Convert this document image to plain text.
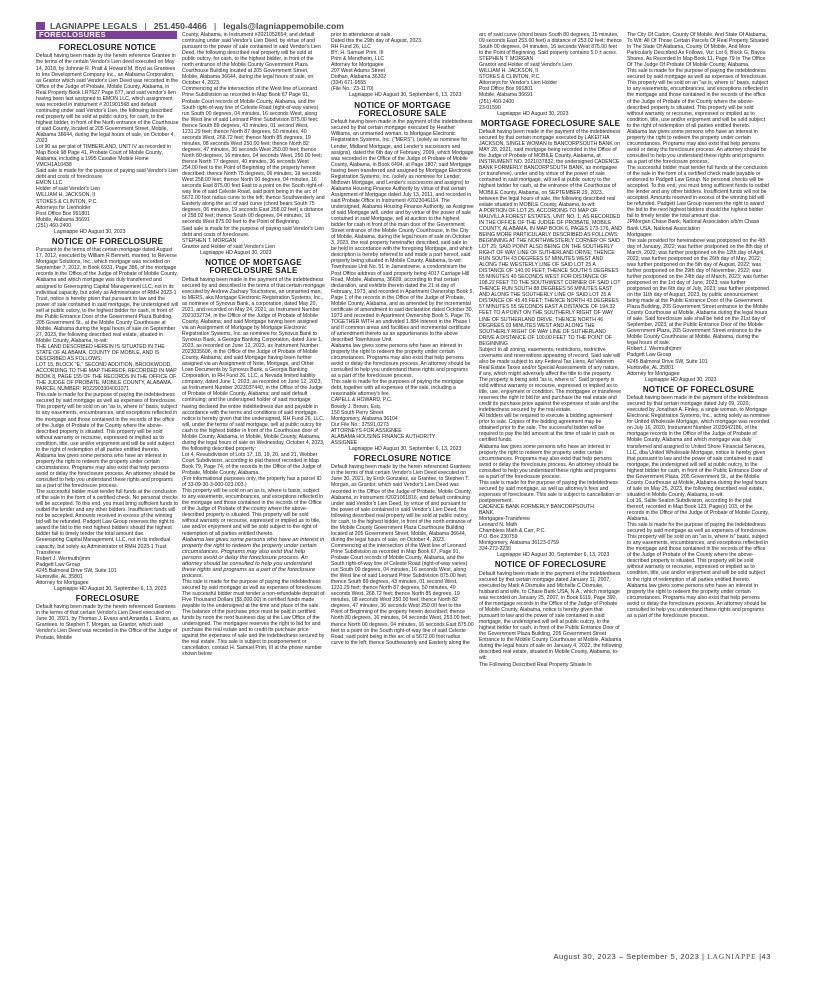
LAGNIAPPE LEGALS | 251.450-4466 | legals@lagniappemobile.com
FORECLOSURES
FORECLOSURE NOTICE
Default having been made by the herein reference Grantee in the terms of the certain Vendor's Lien deed executed on May 14, 2018, by Johnnie R. Pratt & Howard M. Bryd as Grantees to Ims Development Company Inc., an Alabama Corporation, as Grantor which said Vendor's Lien Deed was recorded in the Office of the Judge of Probate, Mobile County, Alabama, in Real Property Book LR7627 Page 677, and said vendor's lien having been last assigned to EMON LLC, which assignment was recorded in instrument # 201901568 and default continuing under said Vendor's Lien, the following described real property will be sold at public outcry, for cash, to the highest bidder, in front of the North entrance of the Courthouse of said County, located at 205 Government Street, Mobile, Alabama 36644, during the legal hours of sale, on October 4, 2023
Lot 90 as per plat of TIMBERLAND, UNIT IV as recorded in Map Book 98 Page 41, Probate Court of Mobile County, Alabama, including a 1995 Cavalier Mobile Home VMCH1A10438
Said sale is made for the purpose of paying said Vendor's Lien debt and costs of foreclosure.
EMON LLC
Holder of said Vendor's Lien
WILLIAM H. JACKSON, II
STOKES & CLINTON, P.C.
Attorneys for Lienholder
Post Office Box 991801
Mobile, Alabama 36691
(251) 460-2400
Lagniappe HD August 30, 2023
NOTICE OF FORECLOSURE
Pursuant to the terms of that certain mortgage dated August 17, 2012, executed by William R Bennett, married, to Reverse Mortgage Solutions, Inc., which mortgage was recorded on September 7, 2012, in Book 6931, Page 386, of the mortgage records in the Office of the Judge of Probate of Mobile County, Alabama and which mortgage was duly transferred and assigned to Greenspring Capital Management LLC, not in its individual capacity, but solely as Administrator of RMH 2023-1 Trust, notice is hereby given that pursuant to law and the power of sale contained in said mortgage, the undersigned will sell at public outcry, to the highest bidder for cash, in front of the Public Entrance Door of the Government Plaza Building, 205 Government St., at the Mobile County Courthouse at Mobile, Alabama during the legal hours of sale on September 27, 2023, the following described real estate, situated in Mobile County, Alabama, to-wit:
THE LAND DESCRIBED HEREIN IS SITUATED IN THE STATE OF ALABAMA, COUNTY OF MOBILE, AND IS DESCRIBED AS FOLLOWS:
LOT 15, BLOCK "E," SECOND ADDITION, BROOKWOOD, ACCORDING TO THE MAP THEREOF, RECORDED IN MAP BOOK 8, PAGE 155 OF THE RECORDS IN THE OFFICE OF THE JUDGE OF PROBATE, MOBILE COUNTY, ALABAMA. PARCEL NUMBER: R022903304001071
This sale is made for the purpose of paying the indebtedness secured by said mortgage as well as expenses of foreclosure. This property will be sold on an "as is, where is" basis, subject to any easements, encumbrances, and exceptions reflected in the mortgage and those contained in the records of the office of the Judge of Probate of the County where the above-described property is situated. This property will be sold without warranty or recourse, expressed or implied as to condition, title, use and/or enjoyment and will be sold subject to the right of redemption of all parties entitled thereto.
Alabama law gives some persons who have an interest in property the right to redeem the property under certain circumstances. Programs may also exist that help persons avoid or delay the foreclosure process. An attorney should be consulted to help you understand these rights and programs as a part of the foreclosure process.
The successful bidder must tender full funds at the conclusion of the sale in the form of a certified check. No personal checks will be accepted. To this end, you must bring sufficient funds to outbid the lender and any other bidders. Insufficient funds will not be accepted. Amounts received in excess of the winning bid will be refunded. Padgett Law Group reserves the right to award the bid to the next highest bidders should the highest bidder fail to timely tender the total amount due.
Greenspring Capital Management, LLC, not in its individual capacity, but solely as Administrator of RMH 2023-1 Trust
Transferee
Robert J. Wermuth/jmm
Padgett Law Group
4245 Balmoral Drive SW, Suite 101
Huntsville, AL 35801
Attorney for Mortgagee
Lagniappe HD August 30, September 6, 13, 2023
FORECLOSURE
Default having been made by the herein referenced Grantees in the terms of that certain Vendor's Lien Deed executed on June 30, 2021, by Thomas J. Evans and Amanda L. Evans, as Grantees, to Stephen T. Morgan, as Grantor, which said Vendor's Lien Deed was recorded in the Office of the Judge of Probate, Mobile
County, Alabama, in Instrument #2021052654; and default continuing under said Vendor's Lien Deed, by virtue of and pursuant to the power of sale contained in said Vendor's Lien Deed, the following described real property will be sold at public outcry, for cash, to the highest bidder, in front of the north entrance of the Mobile County Government Plaza Courthouse Building located at 205 Government Street, Mobile, Alabama 36644, during the legal hours of sale, on October 4, 2023.
Commencing at the intersection of the West line of Leonard Prine Subdivision as recorded in Map Book 67 Page 91, Probate Court records of Mobile County, Alabama, and the South right-of-way line of Celeste Road (right-of-way varies) run South 00 degrees, 04 minutes, 16 seconds West, along the West line of said Leonard Prine Subdivision 875.00 feet; thence South 89 degrees, 43 minutes, 01 second West, 1231.29 feet; thence North 87 degrees, 50 minutes, 40 seconds West, 268.72 feet; thence North 85 degrees, 19 minutes, 08 seconds West 250.00 feet; thence North 82 degrees, 47 minutes, 36 seconds West 250.00 feet; thence North 80 degrees, 16 minutes, 04 seconds West, 250.00 feet; thence North 77 degrees, 40 minutes, 36 seconds West 254.00 feet to the Point of Beginning of the property herein described; thence North 75 degrees, 06 minutes, 19 seconds West 258.00 feet; thence North 00 degrees, 04 minutes, 16 seconds East 875.00 feet East to a point on the South right-of-way line of said Celeste Road, said point being in the arc of 5672.00 foot radius curve to the left; thence Southwesterly and Easterly along the arc of said curve (chord bears South 75 degrees, 06 minutes, 19 seconds East 258.02 feet) a distance of 258.02 feet; thence South 00 degrees, 04 minutes, 16 seconds West 875.00 feet to the Point of Beginning.
Said sale is made for the purpose of paying said Vendor's Lien debt and costs of foreclosure.
STEPHEN T. MORGAN
Grantor and Holder of said Vendor's Lien
Lagniappe HD August 30, 2023
NOTICE OF MORTGAGE FORECLOSURE SALE
Default having been made in the payment of the indebtedness secured by and described in the terms of that certain mortgage executed by Andrew Zachary Touchstone, an unmarried man, to MERS, aka Mortgage Electronic Registration Systems, Inc., as nominee of Synovus Bank, a corporation, dated May 20, 2021, and recorded on May 24, 2021, as Instrument Number 2021032734, in the Office of the Judge of Probate of Mobile County, Alabama; and said Mortgage having been assigned via an Assignment of Mortgage by Mortgage Electronic Registration Systems, Inc. as nominee for Synovus Bank to Synovus Bank, a Georgia Banking Corporation, dated June 1, 2023, as recorded on June 12, 2023, as Instrument Number 2023035606, in the Office of the Judge of Probate of Mobile County, Alabama; and said Mortgage having been further assigned via an Assignment of Note, Mortgage, and Other Loan Documents by Synovus Bank, a Georgia Banking Corporation, to RH Fund 26, LLC, a Nevada limited liability company, dated June 1, 2023, as recorded on June 12, 2023, as Instrument Number 2023037440, in the Office of the Judge of Probate of Mobile County, Alabama; and said default continuing; and the undersigned holder of said mortgage having declared the entire indebtedness due and payable in accordance with the terms and conditions of said mortgage, notice is hereby given that the undersigned, RH Fund 26, LLC, will, under the terms of said mortgage, sell at public outcry for cash to the highest bidder in front of the Courthouse door of Mobile County, Alabama, in Mobile, Mobile County, Alabama, during the legal hours of sale on Wednesday, October 4, 2023, the following described property:
Lot 4, Resubdivision of Lots 17, 18, 19, 20, and 21, Webber Court Subdivision, according to plat thereof recorded in Map Book 79, Page 74, of the records in the Office of the Judge of Probate, Mobile County, Alabama.
(For informational purposes only, the property has a parcel ID of 33-09-30-3-000-023.003.)
This property will be sold on an as is, where is basis, subject to any easements, encumbrances, and exceptions reflected in the mortgage and those contained in the records of the Office of the Judge of Probate of the county where the above-described property is situated. This property will be sold without warranty or recourse, expressed or implied as to title, use and/or enjoyment and will be sold subject to the right of redemption of all parties entitled thereto.
Alabama law gives some persons who have an interest in property the right to redeem the property under certain circumstances. Programs may also exist that help persons avoid or delay the foreclosure process. An attorney should be consulted to help you understand these rights and programs as a part of the foreclosure process.
This sale is made for the purpose of paying the indebtedness secured by said mortgage as well as expenses of foreclosure. The successful bidder must tender a non-refundable deposit of Five Thousand Dollars ($5,000.00) in certified funds made payable to the undersigned at the time and place of the sale. The balance of the purchase price must be paid in certified funds by noon the next business day at the Law Office of the undersigned. The mortgagee reserves the right to bid for and purchase the real estate and to credit its purchase price against the expenses of sale and the indebtedness secured by the real estate. This sale is subject to postponement or cancellation; contact H. Samuel Prim, III at the phone number shown below
prior to attendance at sale.
Dated this the 29th day of August, 2023.
RH Fund 26, LLC
BY: H. Samuel Prim, III
Prim & Mendheim, LLC
Attorney for Mortgagee
207 West Adams Street
Dothan, Alabama 36302
(334) 671-9555
(File No.: 23-1170)
Lagniappe HD August 30, September 6, 13, 2023
NOTICE OF MORTGAGE FORECLOSURE SALE
Default having been made in the payment of the indebtedness secured by that certain mortgage executed by Heather Williams, an unmarried woman, to Mortgage Electronic Registration Systems, Inc. ("MERS"), (solely as nominee for Lender, Midland Mortgage, and Lender's successors and assigns), dated the 6th day of February, 2009, which Mortgage was recorded in the Office of the Judge of Probate of Mobile County, Alabama, in Book 6494, at Page 1807; said Mortgage having been transferred and assigned by Mortgage Electronic Registration Systems, Inc. (solely as nominee for Lender, Midtown Mortgage, and Lender's successors and assigns) to Alabama Housing Finance Authority by virtue of that certain Assignment of Mortgage dated July 13, 2011, and recorded in said Probate Office in Instrument #2023046114. The undersigned, Alabama Housing Finance Authority, as Assignee of said Mortgage will, under and by virtue of the power of sale contained in said Mortgage, sell at auction to the highest bidder for cash in front of the main door of the Government Street entrance of the Mobile County Courthouse, in the City of Mobile, Alabama, during the legal hours of sale on October 3, 2023, the real property hereinafter described, said sale to be held in accordance with the foregoing Mortgage, and which description is hereby referred to and made a part hereof, said property being situated in Mobile County, Alabama, to-wit:
Townhouse Unit No. 51 in Jamestowne, a condominium the Post Office address of said property being 4017 Carriage Hill Road, Mobile, Alabama, 36609, according to that certain declaration, and exhibits thereto dated the 21 st day of February, 1973, and recorded in Apartment Ownership Book 5, Page 1 of the records in the Office of the Judge of Probate, Mobile County, Alabama, and as amended by the incremental certificate of amendment to said declaration dated October 30, 1973 and recorded in Apartment Ownership Book 5, Page 76. TOGETHER WITH an undivided 1.884 interest in the Phase I and II common areas and facilities and incremental certificate of amendment thereto as an appurtenance to the above described Townhouse Unit.
Alabama law gives some persons who have an interest in property the right to redeem the property under certain circumstances. Programs may also exist that help persons avoid or delay the foreclosure process. An attorney should be consulted to help you understand these rights and programs as a part of the foreclosure process.
This sale is made for the purposes of paying the mortgage debt, together with all expenses of the sale, including a reasonable attorney's fee.
CAPELL & HOWARD, P.C.
Bowdy J. Brown, Esq.
150 South Perry Street
Montgomery, Alabama 36104
Our File No.: 37591.0273
ATTORNEYS FOR ASSIGNEE
ALABAMA HOUSING FINANCE AUTHORITY
ASSIGNEE
Lagniappe HD August 30, September 6, 13, 2023
FORECLOSURE NOTICE
Default having been made by the herein referenced Grantees in the terms of that certain Vendor's Lien Deed executed on June 30, 2021, by Erick Gonzalez, as Grantee, to Stephen T. Morgan, as Grantor, which said Vendor's Lien Deed was recorded in the Office of the Judge of Probate, Mobile County, Alabama, in Instrument #2021061816; and default continuing under said Vendor's Lien Deed, by virtue of and pursuant to the power of sale contained in said Vendor's Lien Deed, the following described real property will be sold at public outcry, for cash, to the highest bidder, in front of the north entrance of the Mobile County Government Plaza Courthouse Building located at 205 Government Street, Mobile, Alabama 36644, during the legal hours of sale, on October 4, 2023.
Commencing at the intersection of the West line of Leonard Prine Subdivision as recorded in Map Book 67, Page 91, Probate Court records of Mobile County, Alabama, and the South right-of-way line of Celeste Road (right-of-way varies) run South 00 degrees, 04 minutes, 16 seconds West, along the West line of said Leonard Prine Subdivision 875.00 feet; thence South 89 degrees, 43 minutes, 01 second West, 1231.29 feet; thence North 87 degrees, 50 minutes, 40 seconds West, 268.72 feet; thence North 85 degrees, 19 minutes, 08 seconds West 250.00 feet; thence North 82 degrees, 47 minutes, 36 seconds West 250.00 feet to the Point of Beginning of the property herein described; thence North 80 degrees, 16 minutes, 04 seconds West, 253.00 feet; thence North 00 degrees, 04 minutes, 16 seconds East 875.00 feet to a point on the South right-of-way line of said Celeste Road, said point being in the arc of a 5672.00 foot radius curve to the left; thence Southeasterly and Easterly along the
arc of said curve (chord bears South 80 degrees, 15 minutes, 09 seconds East 253.00 feet) a distance of 253.02 feet; thence South 00 degrees, 04 minutes, 16 seconds West 875.00 feet to the Point of Beginning. Said property contains 5.0 ± acres.
STEPHEN T. MORGAN
Grantor and Holder of said Vendor's Lien
WILLIAM H. JACKSON, II
STOKES & CLINTON, P.C.
Attorneys for Vendor's Lien Holder
Post Office Box 991801
Mobile, Alabama 36691
(251) 460-2400
23-01590
Lagniappe HD August 30, 2023
MORTGAGE FORECLOSURE SALE
Default having been made in the payment of the indebtedness secured by that certain mortgage executed by LAKEITHA JACKSON, SINGLE WOMAN to BANCORPSOUTH BANK on MAY 28, 2021, said mortgage being recorded in the Office of the Judge of Probate of MOBILE County, Alabama, at INSTRUMENT NO. 2021037832, the undersigned CADENCE BANK FORMERLY BANCORPSOUTH BANK, as mortgagee (or transferee), under and by virtue of the power of sale contained in said mortgage, will sell at public outcry to the highest bidder for cash, at the entrance of the Courthouse of MOBILE County, Alabama, on SEPTEMBER 29, 2023, between the legal hours of sale, the following described real estate situated in MOBILE County, Alabama, to-wit:
A PORTION OF LOT 25, ACCORDING TO MAP OF MAUVILLA FOREST ESTATES, UNIT NO. 1, AS RECORDED IN THE OFFICE OF THE JUDGE OF PROBATE, MOBILE COUNTY, ALABAMA, IN MAP BOOK 6, PAGES 173-176, AND BEING MORE PARTICULARLY DESCRIBED AS FOLLOWS: BEGINNING AT THE NORTHWESTERLY CORNER OF SAID LOT 25; SAID POINT ALSO BEING ON THE SOUTHERLY RIGHT OF WAY LINE OF SUTHERLAND DRIVE; THENCE RUN SOUTH 43 DEGREES 57 MINUTES WEST AND ALONG THE WESTERLY LINE OF SAID LOT 25 A DISTANCE OF 140.00 FEET; THENCE SOUTH 5 DEGREES 55 MINUTES 40 SECONDS WEST FOR DISTANCE OF 108.22 FEET TO THE SOUTHWEST CORNER OF SAID LOT THENCE RUN SOUTH 88 DEGREES 56 MINUTES EAST AND ALONG THE SOUTHERLY LINE OF SAID LOT 25 A DISTANCE OF 45.45 FEET; THENCE NORTH 43 DEGREES 57 MINUTES 55 SECONDS EAST A DISTANCE OF 194.32 FEET TO A POINT ON THE SOUTHERLY RIGHT OF WAY LINE OF SUTHERLAND DRIVE; THENCE NORTH 46 DEGREES 03 MINUTES WEST AND ALONG THE SOUTHERLY RIGHT OF WAY LINE OF SUTHERLAND DRIVE A DISTANCE OF 100.00 FEET TO THE POINT OF BEGINNING
Subject to all zoning, easements, restrictions, restrictive covenants and reservations appearing of record. Said sale will also be made subject to any Federal Tax Liens, Ad Valorem Real Estate Taxes and/or Special Assessments of any nature, if any, which might adversely affect the title to the property. The property is being sold "as is, where is". Said property is sold without warranty or recourse, expressed or implied as to title, use, enjoyment or condition. The mortgagee or transferee reserves the right to bid for and purchase the real estate and credit its purchase price against the expenses of sale and the indebtedness secured by the real estate.
All bidders will be required to execute a bidding agreement prior to sale. Copies of the bidding agreement may be obtained prior to the sale. The successful bidder will be required to pay the bid amount at the time of sale in cash or certified funds.
Alabama law gives some persons who have an interest in property the right to redeem the property under certain circumstances. Programs may also exist that help persons avoid or delay the foreclosure process. An attorney should be consulted to help you understand these rights and programs as a part of the foreclosure process.
This sale is made for the purpose of paying the indebtedness secured by said mortgage, as well as attorney's fees and expenses of foreclosure. This sale is subject to cancellation or postponement.
CADENCE BANK FORMERLY BANCORPSOUTH
BANK,
Mortgagee-Transferee
Leonard N. Math
Chambless Math & Carr, P.C.
P.O. Box 230759
Montgomery, Alabama 36123-0759
334-272-2230
Lagniappe HD August 30, September 6, 13, 2023
NOTICE OF FORECLOSURE
Default having been made in the payment of the indebtedness secured by that certain mortgage dated January 11, 2007, executed by Mark A Dismuke and Michelle C Dismuke, husband and wife, to Chase Bank USA, N.A., which mortgage was recorded on January 25, 2007, in Book 6119, Page 390, of the mortgage records in the Office of the Judge of Probate of Mobile County, Alabama, notice is hereby given that pursuant to law and the power of sale contained in said mortgage, the undersigned will sell at public outcry, to the highest bidder for cash, in front of the Public Entrance Door of the Government Plaza Building, 205 Government Street Entrance to the Mobile County Courthouse at Mobile, Alabama during the legal hours of sale on January 4, 2022, the following described real estate, situated in Mobile County, Alabama, to-wit:
The Following Described Real Property Situate In
The City Of Cadon, County Of Mobile, And State Of Alabama, To Wit: All Of Those Certain Parcels Of Real Property Situated In The State Of Alabama, County Of Mobile, And More Particularly Described As Follows, Viz: Lot 6, Block G, Bayou Shores, As Recorded In Map Book 11, Page 79 In The Office Of The Judge Of Probate Of Mobile County, Alabama.
This sale is made for the purpose of paying the indebtedness secured by said mortgage as well as expenses of foreclosure. This property will be sold on an "as is, where is" basis, subject to any easements, encumbrances, and exceptions reflected in the mortgage and those contained in the records of the office of the Judge of Probate of the County where the above-described property is situated. This property will be sold without warranty or recourse, expressed or implied as to condition, title, use and/or enjoyment and will be sold subject to the right of redemption of all parties entitled thereto.
Alabama law gives some persons who have an interest in property the right to redeem the property under certain circumstances. Programs may also exist that help persons avoid or delay the foreclosure process. An attorney should be consulted to help you understand these rights and programs as a part of the foreclosure process.
The successful bidder must tender full funds at the conclusion of the sale in the form of a certified check made payable or endorsed to Padgett Law Group. No personal checks will be accepted. To this end, you must bring sufficient funds to outbid the lender and any other bidders. Insufficient funds will not be accepted. Amounts received in excess of the winning bid will be refunded. Padgett Law Group reserves the right to award the bid to the next highest bidders should the highest bidder fail to timely tender the total amount due.
JPMorgan Chase Bank, National Association s/b/m Chase Bank USA, National Association
Mortgagee
The sale provided for hereinabove was postponed on the 4th day of January, 2022; was further postponed on the 8th day of March, 2022; was further postponed on the 12th day of April, 2022; was further postponed on the 26th day of May, 2022; was further postponed on the 5th day of August, 2022; was further postponed on the 29th day of November, 2022; was further postponed on the 24th day of March, 2023; was further postponed on the 1st day of June, 2023; was further postponed on the 6th day of July, 2023; was further postponed on the 11th day of August, 2023, by public announcement being made at the Public Entrance Door of the Government Plaza Building, 205 Government Street entrance to the Mobile County Courthouse at Mobile, Alabama during the legal hours of sale. Said foreclosure sale shall be held on the 21st day of September, 2023, at the Public Entrance Door of the Mobile Government Plaza, 205 Government Street entrance to the Mobile County Courthouse at Mobile, Alabama, during the legal hours of sale.
Robert J. Wermuth/jmm
Padgett Law Group
4245 Balmoral Drive SW, Suite 101
Huntsville, AL 35801
Attorney for Mortgagee
Lagniappe HD August 30, 2023
NOTICE OF FORECLOSURE
Default having been made in the payment of the indebtedness secured by that certain mortgage dated July 09, 2020, executed by Jonathan A. Finley, a single woman, to Mortgage Electronic Registration Systems, Inc., acting solely as nominee for United Wholesale Mortgage, which mortgage was recorded on July 16, 2020, Instrument Number 2020042186, of the mortgage records in the Office of the Judge of Probate of Mobile County, Alabama and which mortgage was duly transferred and assigned to United Shore Financial Services, LLC, dba United Wholesale Mortgage, notice is hereby given that pursuant to law and the power of sale contained in said mortgage, the undersigned will sell at public outcry, to the highest bidder for cash, in front of the Public Entrance Door of the Government Plaza, 205 Government St., at the Mobile County Courthouse at Mobile, Alabama during the legal hours of sale on May 25, 2023, the following described real estate, situated in Mobile County, Alabama, to-wit:
Lot 16, Sallie Seaton Subdivision, according to the plat thereof, recorded in Map Book 123, Page(s) 103, of the records in the Office of the Judge of Probate of Mobile County, Alabama.
This sale is made for the purpose of paying the indebtedness secured by said mortgage as well as expenses of foreclosure. This property will be sold on an "as is, where is" basis, subject to any easements, encumbrances, and exceptions reflected in the mortgage and those contained in the records of the office of the Judge of Probate of the County where the above-described property is situated. This property will be sold without warranty or recourse, expressed or implied as to condition, title, use and/or enjoyment and will be sold subject to the right of redemption of all parties entitled thereto.
Alabama law gives some persons who have an interest in property the right to redeem the property under certain circumstances. Programs may also exist that help persons avoid or delay the foreclosure process. An attorney should be consulted to help you understand these rights and programs as a part of the foreclosure process.
August 30, 2023 – September 5, 2023 | LAGNIAPPE |43
